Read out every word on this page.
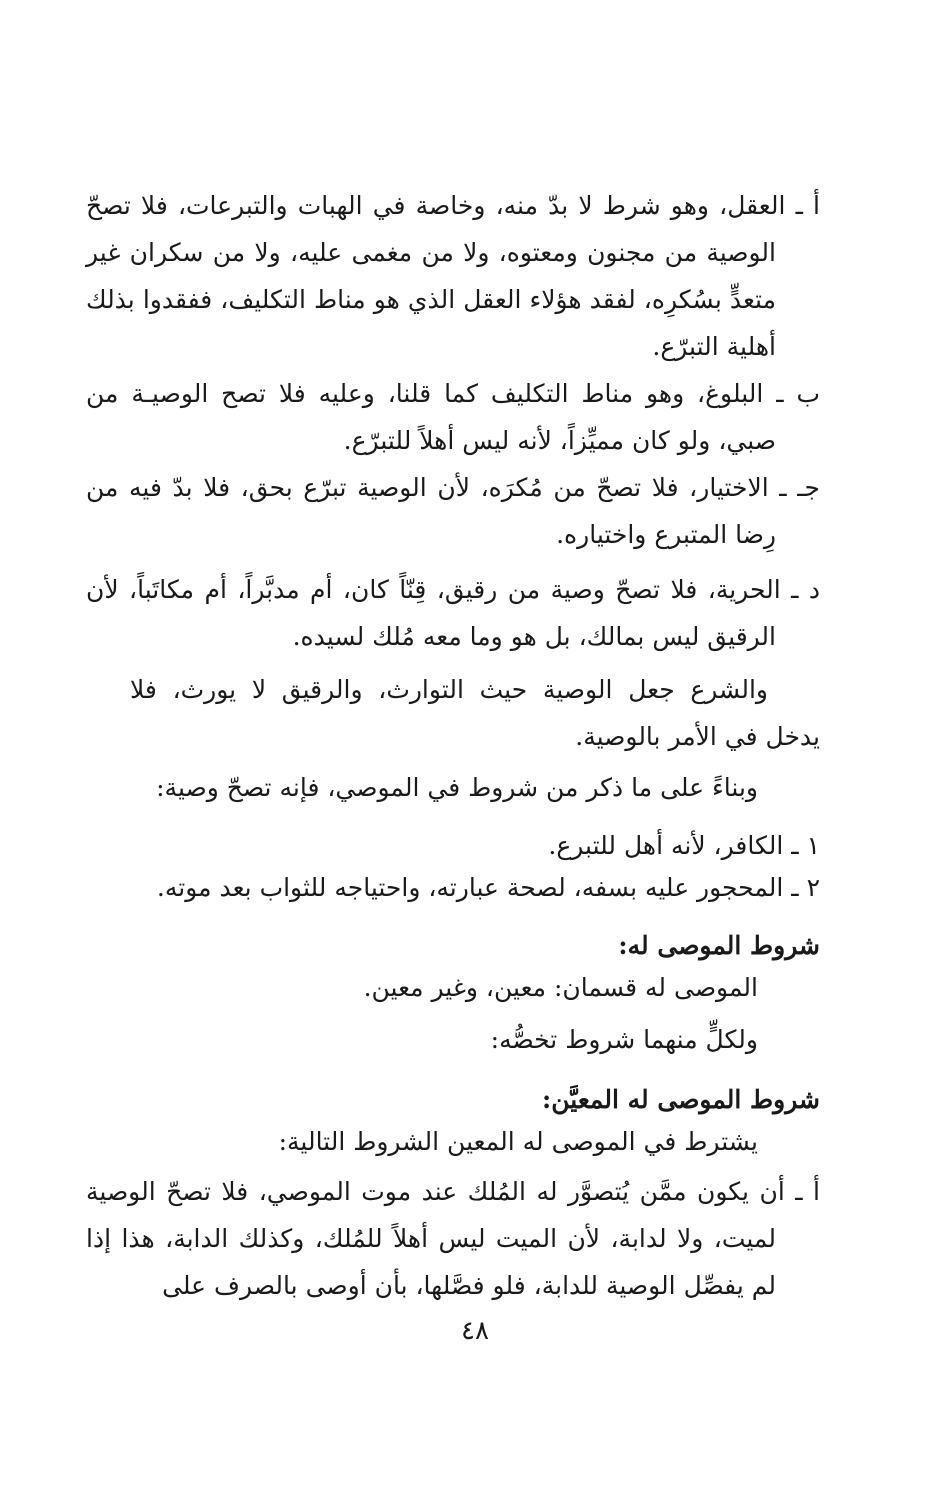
أ ـ العقل، وهو شرط لا بدّ منه، وخاصة في الهبات والتبرعات، فلا تصحّ الوصية من مجنون ومعتوه، ولا من مغمى عليه، ولا من سكران غير متعدٍّ بسُكرِه، لفقد هؤلاء العقل الذي هو مناط التكليف، ففقدوا بذلك أهلية التبرّع.
ب ـ البلوغ، وهو مناط التكليف كما قلنا، وعليه فلا تصح الوصيـة من صبي، ولو كان مميِّزاً، لأنه ليس أهلاً للتبرّع.
جـ ـ الاختيار، فلا تصحّ من مُكرَه، لأن الوصية تبرّع بحق، فلا بدّ فيه من رِضا المتبرع واختياره.
د ـ الحرية، فلا تصحّ وصية من رقيق، قِنّاً كان، أم مدبَّراً، أم مكاتَباً، لأن الرقيق ليس بمالك، بل هو وما معه مُلك لسيده.
والشرع جعل الوصية حيث التوارث، والرقيق لا يورث، فلا يدخل في الأمر بالوصية.
وبناءً على ما ذكر من شروط في الموصي، فإنه تصحّ وصية:
١ ـ الكافر، لأنه أهل للتبرع.
٢ ـ المحجور عليه بسفه، لصحة عبارته، واحتياجه للثواب بعد موته.
شروط الموصى له:
الموصى له قسمان: معين، وغير معين.
ولكلٍّ منهما شروط تخصُّه:
شروط الموصى له المعيَّن:
يشترط في الموصى له المعين الشروط التالية:
أ ـ أن يكون ممَّن يُتصوَّر له المُلك عند موت الموصي، فلا تصحّ الوصية لميت، ولا لدابة، لأن الميت ليس أهلاً للمُلك، وكذلك الدابة، هذا إذا لم يفصِّل الوصية للدابة، فلو فصَّلها، بأن أوصى بالصرف على
٤٨
